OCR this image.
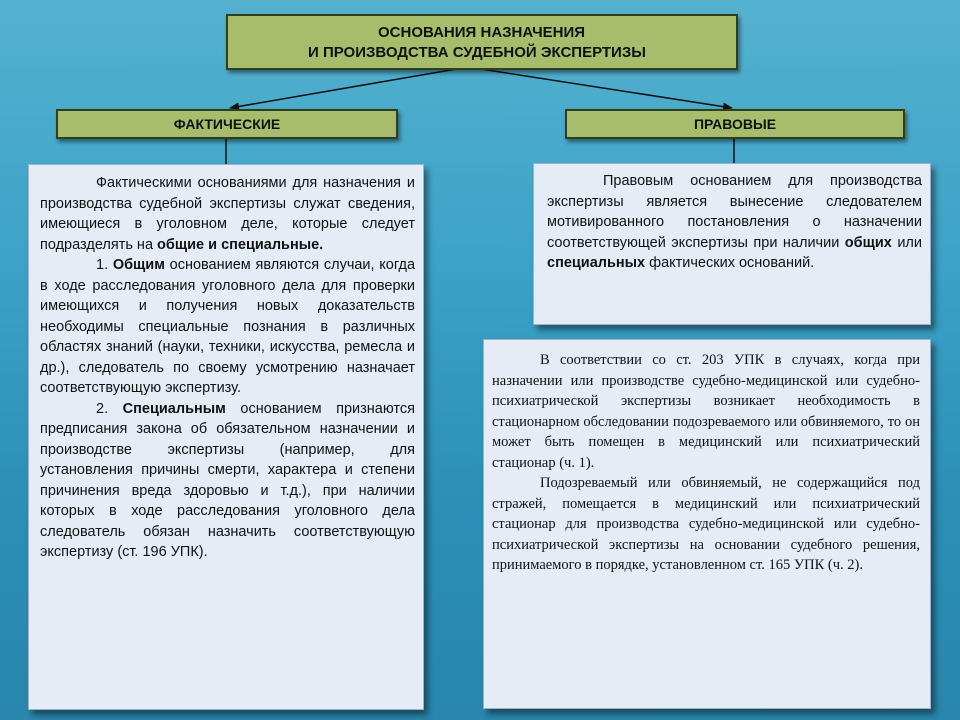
ОСНОВАНИЯ НАЗНАЧЕНИЯ
И ПРОИЗВОДСТВА СУДЕБНОЙ ЭКСПЕРТИЗЫ
ФАКТИЧЕСКИЕ	ПРАВОВЫЕ

Фактическими основаниями для назначения и производства судебной экспертизы служат сведения, имеющиеся в уголовном деле, которые следует подразделять на общие и специальные.

1. Общим основанием являются случаи, когда в ходе расследования уголовного дела для проверки имеющихся и получения новых доказательств необходимы специальные познания в различных областях знаний (науки, техники, искусства, ремесла и др.), следователь по своему усмотрению назначает соответствующую экспертизу.

2. Специальным основанием признаются предписания закона об обязательном назначении и производстве экспертизы (например, для установления причины смерти, характера и степени причинения вреда здоровью и т.д.), при наличии которых в ходе расследования уголовного дела следователь обязан назначить соответствующую экспертизу (ст. 196 УПК).

Правовым основанием для производства экспертизы является вынесение следователем мотивированного постановления о назначении соответствующей экспертизы при наличии общих или специальных фактических оснований.

В соответствии со ст. 203 УПК в случаях, когда при назначении или производстве судебно-медицинской или судебно-психиатрической экспертизы возникает необходимость в стационарном обследовании подозреваемого или обвиняемого, то он может быть помещен в медицинский или психиатрический стационар (ч. 1).

Подозреваемый или обвиняемый, не содержащийся под стражей, помещается в медицинский или психиатрический стационар для производства судебно-медицинской или судебно-психиатрической экспертизы на основании судебного решения, принимаемого в порядке, установленном ст. 165 УПК (ч. 2).
